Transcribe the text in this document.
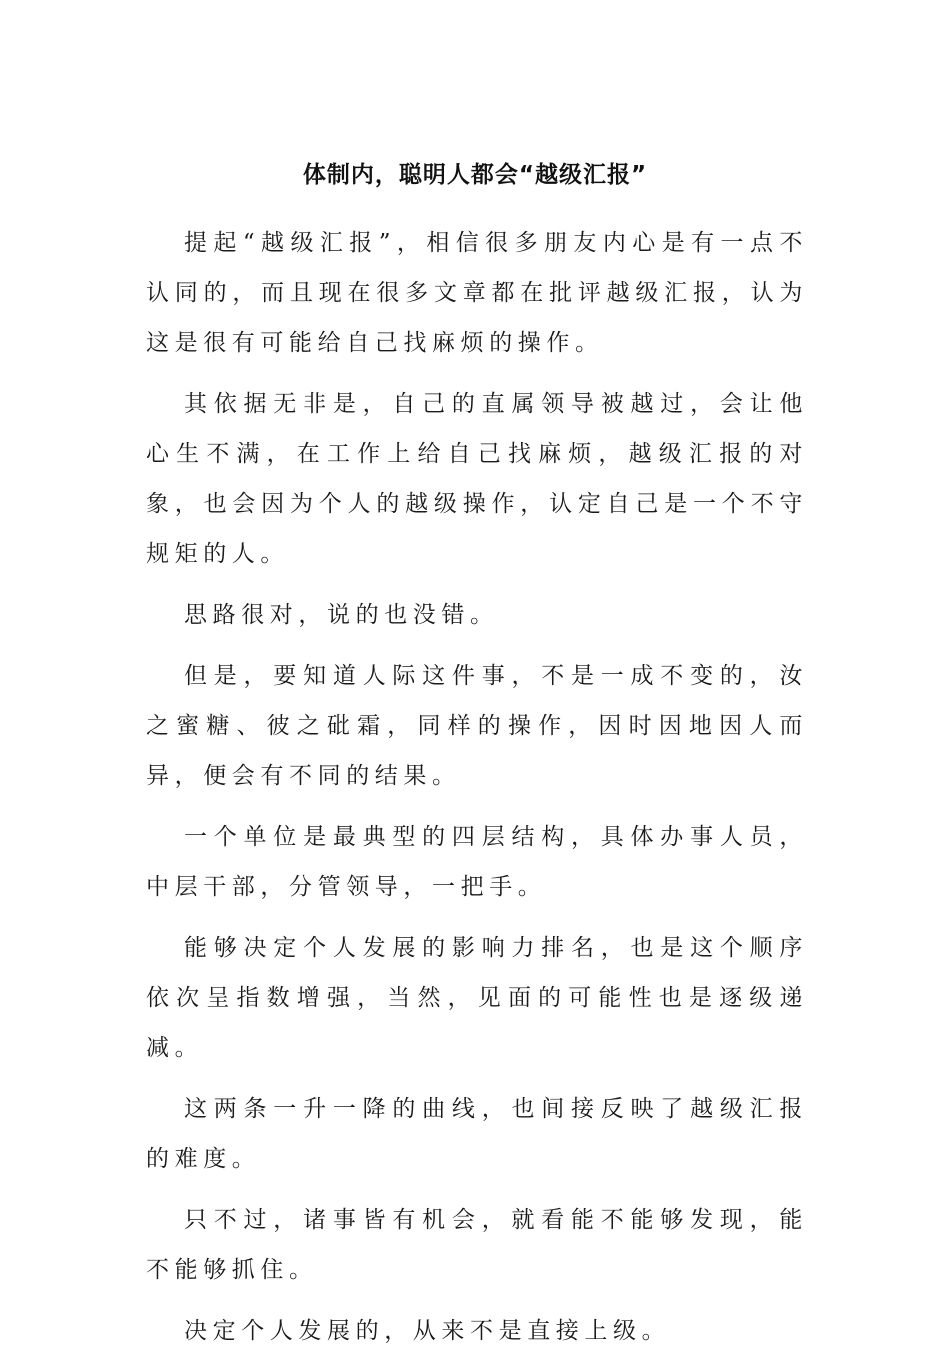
体制内，聪明人都会“越级汇报”

提起“越级汇报”，相信很多朋友内心是有一点不认同的，而且现在很多文章都在批评越级汇报，认为这是很有可能给自己找麻烦的操作。

其依据无非是，自己的直属领导被越过，会让他心生不满，在工作上给自己找麻烦，越级汇报的对象，也会因为个人的越级操作，认定自己是一个不守规矩的人。

思路很对，说的也没错。

但是，要知道人际这件事，不是一成不变的，汝之蜜糖、彼之砒霜，同样的操作，因时因地因人而异，便会有不同的结果。

一个单位是最典型的四层结构，具体办事人员，中层干部，分管领导，一把手。

能够决定个人发展的影响力排名，也是这个顺序依次呈指数增强，当然，见面的可能性也是逐级递减。

这两条一升一降的曲线，也间接反映了越级汇报的难度。

只不过，诸事皆有机会，就看能不能够发现，能不能够抓住。

决定个人发展的，从来不是直接上级。
